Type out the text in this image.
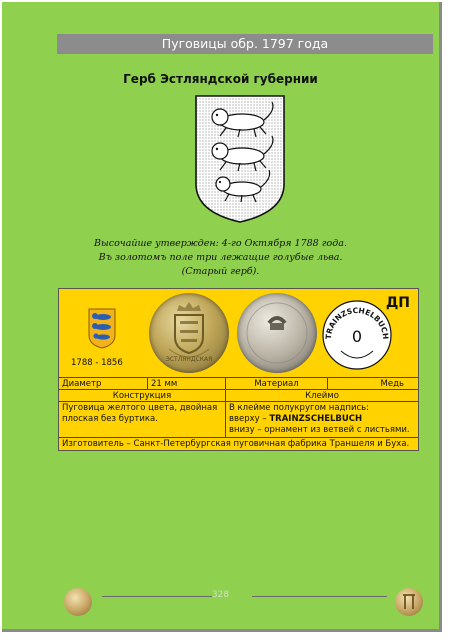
Пуговицы обр. 1797 года
Герб Эстляндской губернии
Высочайше утвержден: 4-го Октября 1788 года.
Въ золотомъ поле три лежащие голубые льва.
(Старый герб).
1788 - 1856	ЭСТЛЯНДСКАЯ
TRAINZSCHELBUCH
0
ДП
Диаметр	21 мм	Материал	Медь
Конструкция	Клеймо
Пуговица желтого цвета, двойная плоская без буртика.
В клейме полукругом надпись:
вверху – TRAINZSCHELBUCH
внизу – орнамент из ветвей с листьями.
Изготовитель – Санкт-Петербургская пуговичная фабрика Траншеля и Буха.
328
